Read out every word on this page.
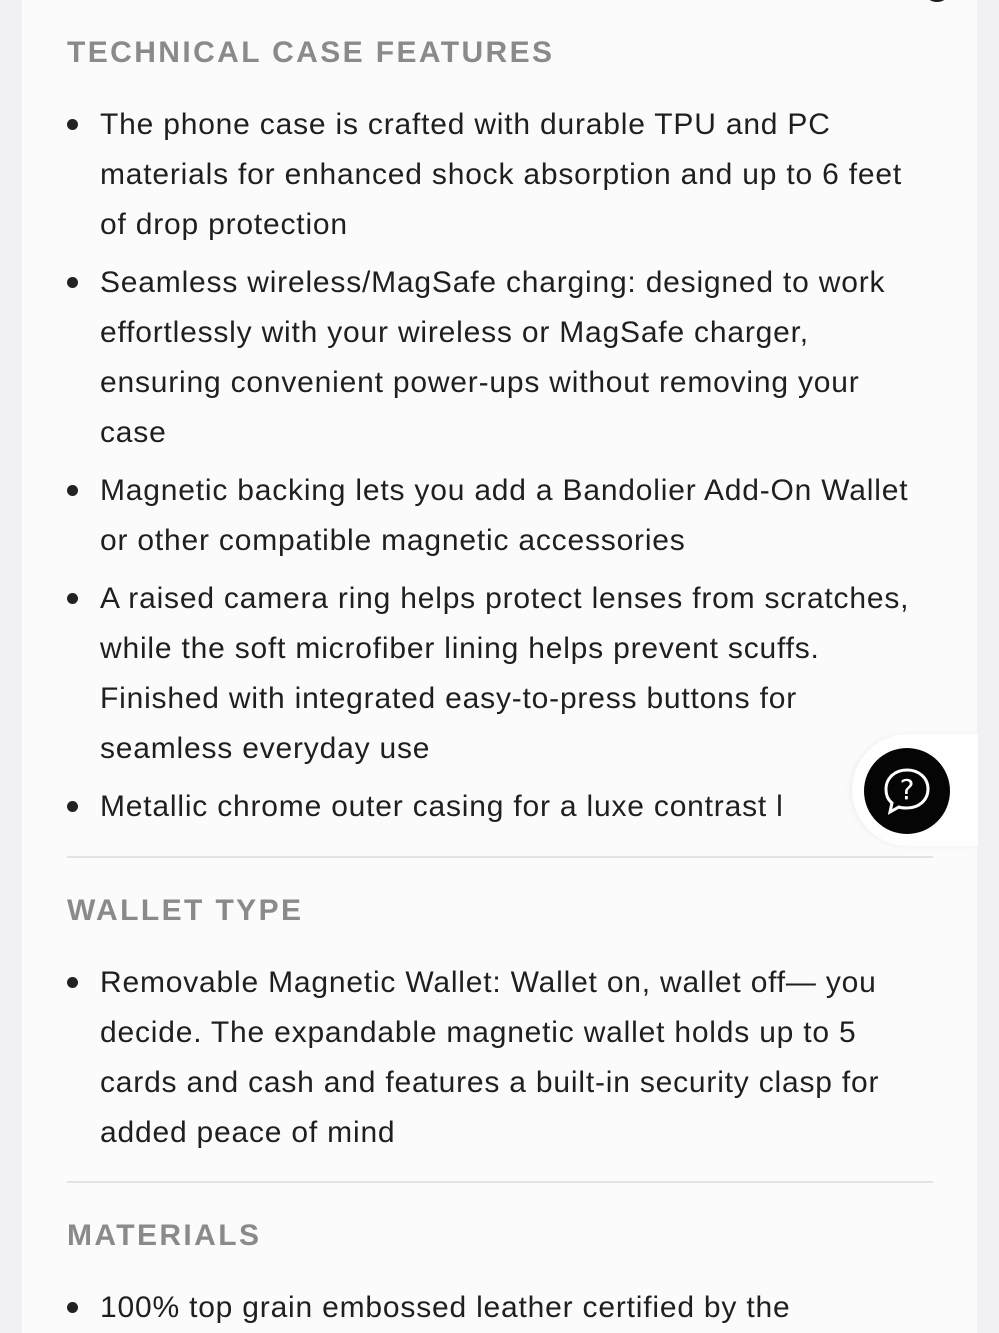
TECHNICAL CASE FEATURES
The phone case is crafted with durable TPU and PC materials for enhanced shock absorption and up to 6 feet of drop protection
Seamless wireless/MagSafe charging: designed to work effortlessly with your wireless or MagSafe charger, ensuring convenient power-ups without removing your case
Magnetic backing lets you add a Bandolier Add-On Wallet or other compatible magnetic accessories
A raised camera ring helps protect lenses from scratches, while the soft microfiber lining helps prevent scuffs. Finished with integrated easy-to-press buttons for seamless everyday use
Metallic chrome outer casing for a luxe contrast l
WALLET TYPE
Removable Magnetic Wallet: Wallet on, wallet off— you decide. The expandable magnetic wallet holds up to 5 cards and cash and features a built-in security clasp for added peace of mind
MATERIALS
100% top grain embossed leather certified by the
?
